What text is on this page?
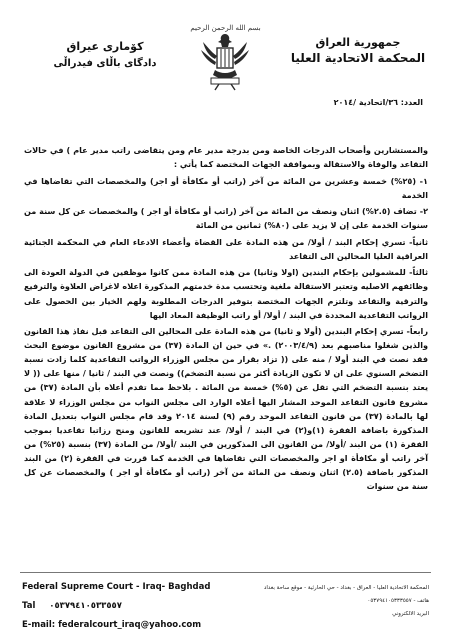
بسم الله الرحمن الرحيم
جمهورية العراق
المحكمة الاتحادية العليا
كۆماری عیراق
دادگای باڵای فیدراڵی
العدد: ٣٦/اتحادية /٢٠١٤

والمستشارين وأصحاب الدرجات الخاصة ومن بدرجة مدير عام ومن يتقاضى راتب مدير عام ) في حالات التقاعد والوفاة والاستقالة وبموافقة الجهات المختصة كما يأتي :

١- (٢٥%) خمسة وعشرين من المائة من آخر (راتب أو مكافأة أو اجر) والمخصصات التي تقاضاها في الخدمة

٢- تضاف (٢.٥%) اثنان ونصف من المائة من آخر (راتب أو مكافأة أو اجر ) والمخصصات عن كل سنة من سنوات الخدمة على إن لا يزيد على (٨٠%) ثمانين من المائة

ثانياً- تسري إحكام البند / أولا/ من هذه المادة على القضاة وأعضاء الادعاء العام في المحكمة الجنائية العراقية العليا المحالين الى التقاعد

ثالثاً- للمشمولين بإحكام البندين (اولا وثانيا) من هذه المادة ممن كانوا موظفين في الدولة العودة الى وظائفهم الاصليه وتعتبر الاستقالة ملغية وتحتسب مدة خدمتهم المذكورة اعلاه لاغراض العلاوة والترفيع والترقية والتقاعد وتلتزم الجهات المختصة بتوفير الدرجات المطلوبة ولهم الخيار بين الحصول على الرواتب التقاعدية المحددة في البند / أولا/ أو راتب الوظيفة المعاد اليها

رابعاً- تسري إحكام البندين (أولا و ثانيا) من هذه المادة على المحالين الى التقاعد قبل نفاذ هذا القانون والذين شغلوا مناصبهم بعد (٢٠٠٣/٤/٩) .» في حين ان المادة (٣٧) من مشروع القانون موضوع البحث فقد نصت في البند أولا / منه على (( تزاد بقرار من مجلس الوزراء الرواتب التقاعدية كلما زادت نسبة التضخم السنوي على ان لا تكون الزيادة أكثر من نسبة التضخم)) ونصت في البند / ثانيا / منها على (( لا يعتد بنسبة التضخم التي تقل عن (٥%) خمسة من المائة . بلاحظ مما تقدم أعلاه بأن المادة (٣٧) من مشروع قانون التقاعد الموحد المشار اليها أعلاه الوارد الى مجلس النواب من مجلس الوزراء لا علاقة لها بالمادة (٣٧) من قانون التقاعد الموحد رقم (٩) لسنة ٢٠١٤ وقد قام مجلس النواب بتعديل المادة المذكورة باضافة الفقرة (١)و(٢) في البند / أولا/ عند تشريعه للقانون ومنح رزاتبا تقاعديا بموجب الفقرة (١) من البند /أولا/ من القانون الى المذكورين في البند /أولا/ من المادة (٣٧) بنسبة (٢٥%) من آخر راتب أو مكافأة او اجر والمخصصات التي تقاضاها في الخدمة كما قررت في الفقرة (٢) من البند المذكور باضافة (٢.٥) اثنان ونصف من المائة من آخر (راتب أو مكافأة أو اجر ) والمخصصات عن كل سنة من سنوات

Federal Supreme Court - Iraq- Baghdad
Tal ٠٥٣٧٩٤١٠٥٣٣٥٥٧
E-mail: federalcourt_iraq@yahoo.com
المحكمة الاتحادية العليا - العراق - بغداد - حي الحارثية - موقع ساحة بغداد
هاتف - ٠٥٣٧٩٤١٠٥٣٣٣٥٥٧
البريد الالكتروني
